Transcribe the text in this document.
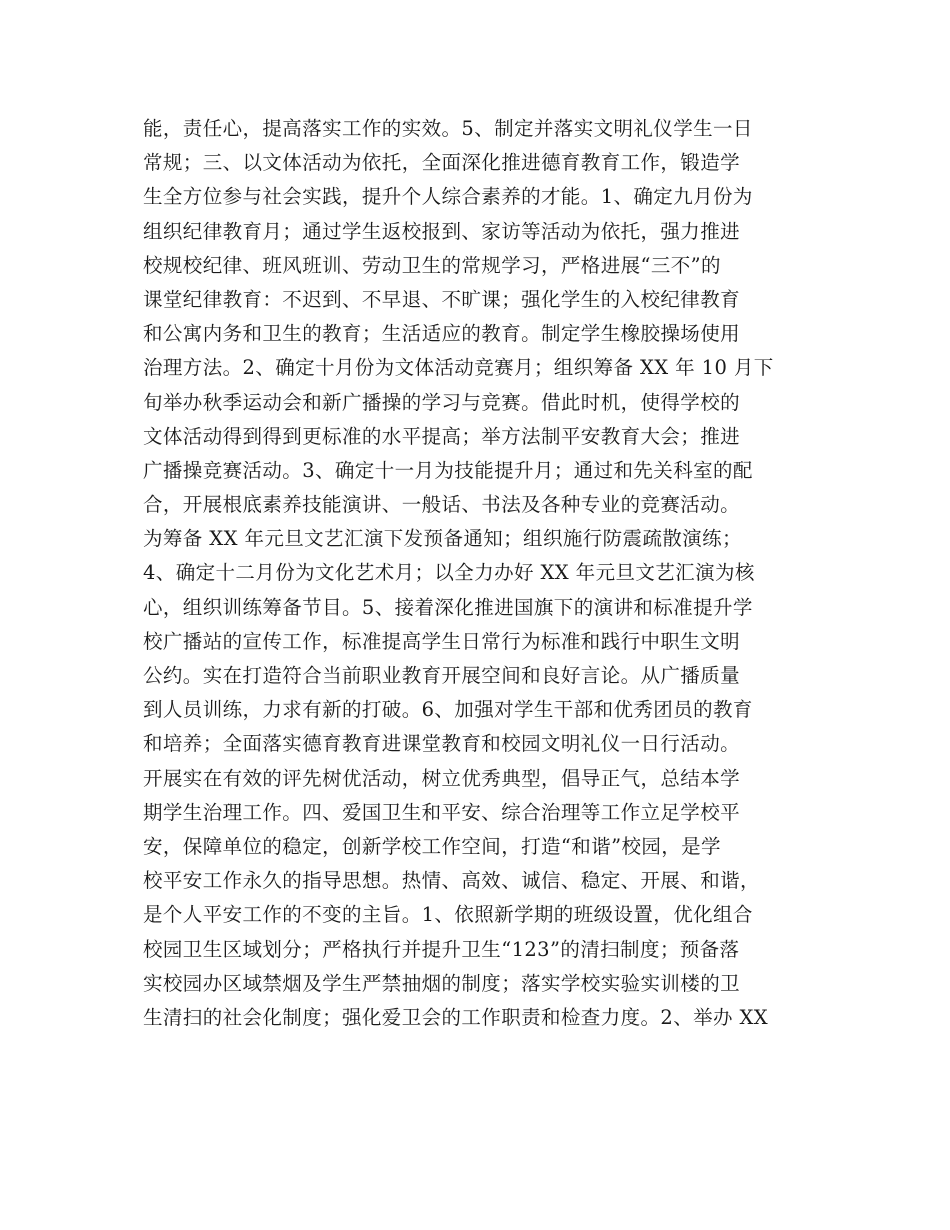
能，责任心，提高落实工作的实效。5、制定并落实文明礼仪学生一日

常规；三、以文体活动为依托，全面深化推进德育教育工作，锻造学

生全方位参与社会实践，提升个人综合素养的才能。1、确定九月份为

组织纪律教育月；通过学生返校报到、家访等活动为依托，强力推进

校规校纪律、班风班训、劳动卫生的常规学习，严格进展“三不”的

课堂纪律教育：不迟到、不早退、不旷课；强化学生的入校纪律教育

和公寓内务和卫生的教育；生活适应的教育。制定学生橡胶操场使用

治理方法。2、确定十月份为文体活动竞赛月；组织筹备 XX 年 10 月下

旬举办秋季运动会和新广播操的学习与竞赛。借此时机，使得学校的

文体活动得到得到更标准的水平提高；举方法制平安教育大会；推进

广播操竞赛活动。3、确定十一月为技能提升月；通过和先关科室的配

合，开展根底素养技能演讲、一般话、书法及各种专业的竞赛活动。

为筹备 XX 年元旦文艺汇演下发预备通知；组织施行防震疏散演练；

4、确定十二月份为文化艺术月；以全力办好 XX 年元旦文艺汇演为核

心，组织训练筹备节目。5、接着深化推进国旗下的演讲和标准提升学

校广播站的宣传工作，标准提高学生日常行为标准和践行中职生文明

公约。实在打造符合当前职业教育开展空间和良好言论。从广播质量

到人员训练，力求有新的打破。6、加强对学生干部和优秀团员的教育

和培养；全面落实德育教育进课堂教育和校园文明礼仪一日行活动。

开展实在有效的评先树优活动，树立优秀典型，倡导正气，总结本学

期学生治理工作。四、爱国卫生和平安、综合治理等工作立足学校平

安，保障单位的稳定，创新学校工作空间，打造“和谐”校园，是学

校平安工作永久的指导思想。热情、高效、诚信、稳定、开展、和谐，

是个人平安工作的不变的主旨。1、依照新学期的班级设置，优化组合

校园卫生区域划分；严格执行并提升卫生“123”的清扫制度；预备落

实校园办区域禁烟及学生严禁抽烟的制度；落实学校实验实训楼的卫

生清扫的社会化制度；强化爱卫会的工作职责和检查力度。2、举办 XX
